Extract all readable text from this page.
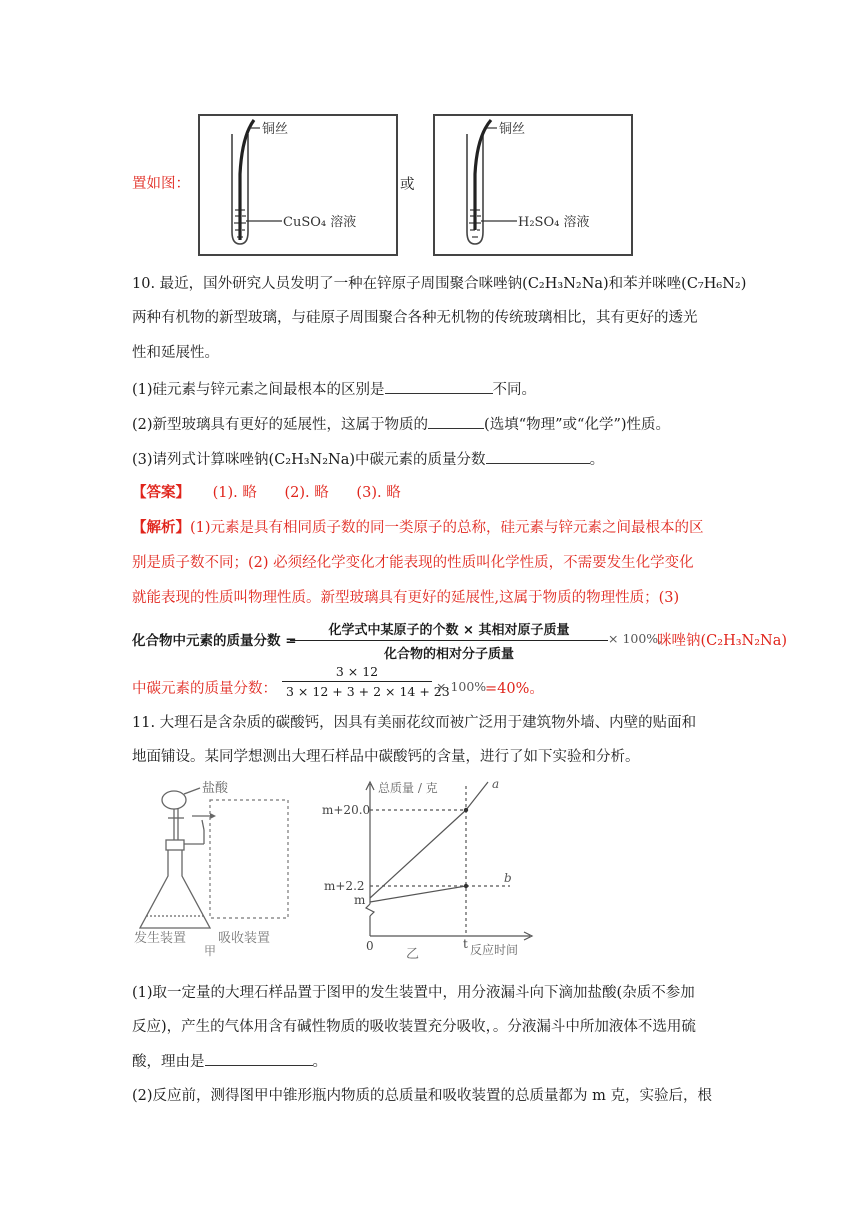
置如图：
铜丝
CuSO₄ 溶液
或
铜丝
H₂SO₄ 溶液
10. 最近，国外研究人员发明了一种在锌原子周围聚合咪唑钠(C₂H₃N₂Na)和苯并咪唑(C₇H₆N₂)
两种有机物的新型玻璃，与硅原子周围聚合各种无机物的传统玻璃相比，其有更好的透光
性和延展性。
(1)硅元素与锌元素之间最根本的区别是	不同。
(2)新型玻璃具有更好的延展性，这属于物质的	(选填“物理”或“化学”)性质。
(3)请列式计算咪唑钠(C₂H₃N₂Na)中碳元素的质量分数	。
【答案】 (1). 略      (2). 略      (3). 略
【解析】(1)元素是具有相同质子数的同一类原子的总称，硅元素与锌元素之间最根本的区
别是质子数不同；(2) 必须经化学变化才能表现的性质叫化学性质，不需要发生化学变化
就能表现的性质叫物理性质。新型玻璃具有更好的延展性,这属于物质的物理性质；(3)
化合物中元素的质量分数 =
化学式中某原子的个数 × 其相对原子质量
化合物的相对分子质量
× 100%,
咪唑钠(C₂H₃N₂Na)
中碳元素的质量分数： $\frac{3 \times 12}{3 \times 12 + 3 + 2 \times 14 + 23} \times 100\%$
=40%。
11. 大理石是含杂质的碳酸钙，因具有美丽花纹而被广泛用于建筑物外墙、内壁的贴面和
地面铺设。某同学想测出大理石样品中碳酸钙的含量，进行了如下实验和分析。
盐酸
发生装置 吸收装置
甲
总质量 / 克
m+20.0
m+2.2
m
0	t 反应时间
a
b
乙
(1)取一定量的大理石样品置于图甲的发生装置中，用分液漏斗向下滴加盐酸(杂质不参加
反应)，产生的气体用含有碱性物质的吸收装置充分吸收，。分液漏斗中所加液体不选用硫
酸，理由是	。
(2)反应前，测得图甲中锥形瓶内物质的总质量和吸收装置的总质量都为 m 克，实验后，根
